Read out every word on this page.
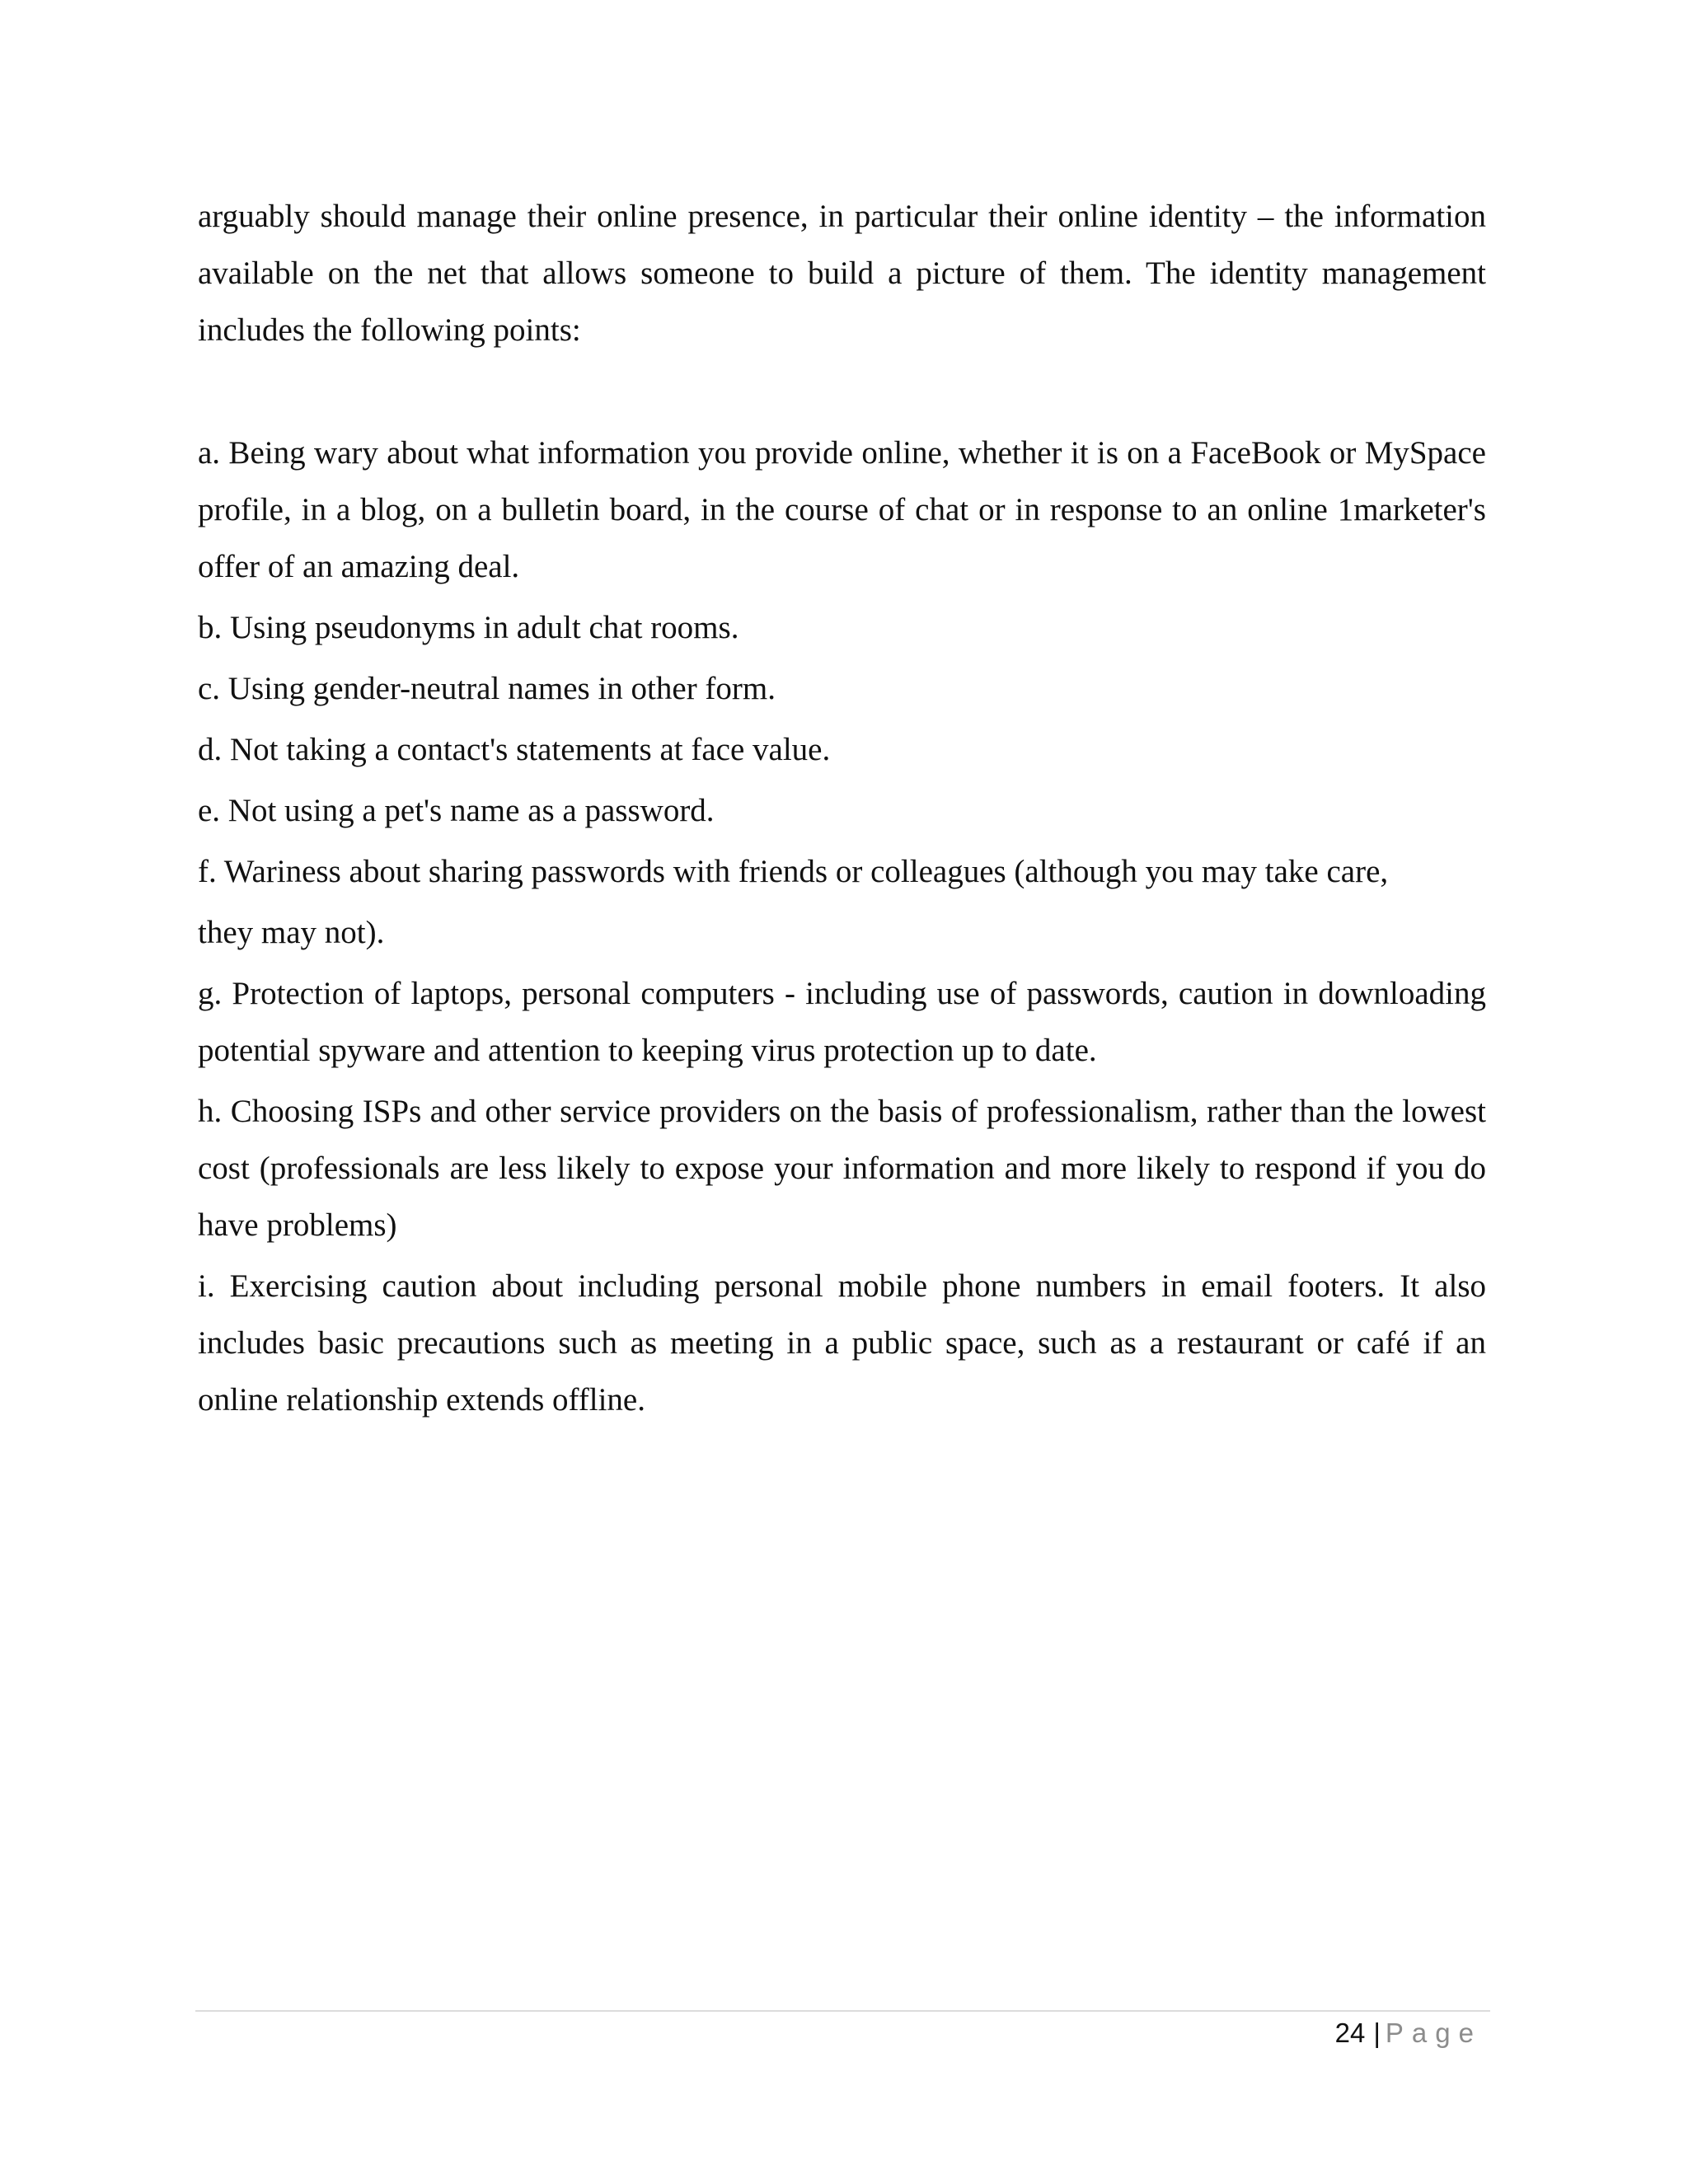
arguably should manage their online presence, in particular their online identity – the information available on the net that allows someone to build a picture of them. The identity management includes the following points:

a. Being wary about what information you provide online, whether it is on a FaceBook or MySpace profile, in a blog, on a bulletin board, in the course of chat or in response to an online 1marketer's offer of an amazing deal.

b. Using pseudonyms in adult chat rooms.

c. Using gender-neutral names in other form.

d. Not taking a contact's statements at face value.

e. Not using a pet's name as a password.

f. Wariness about sharing passwords with friends or colleagues (although you may take care,

they may not).

g. Protection of laptops, personal computers - including use of passwords, caution in downloading potential spyware and attention to keeping virus protection up to date.

h. Choosing ISPs and other service providers on the basis of professionalism, rather than the lowest cost (professionals are less likely to expose your information and more likely to respond if you do have problems)

i. Exercising caution about including personal mobile phone numbers in email footers. It also includes basic precautions such as meeting in a public space, such as a restaurant or café if an online relationship extends offline.

24 | Page
